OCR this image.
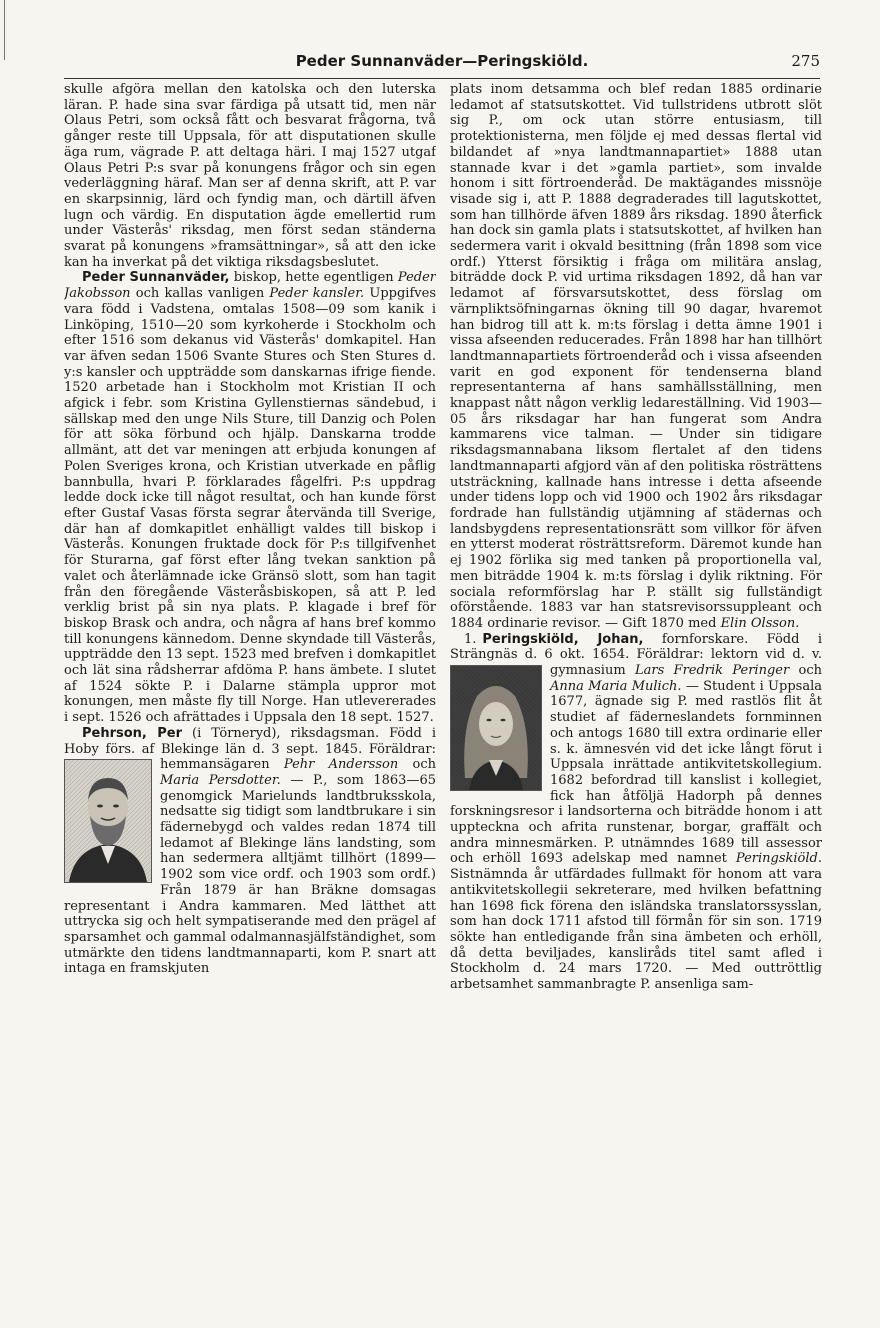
Peder Sunnanväder—Peringskiöld.	275

skulle afgöra mellan den katolska och den luterska läran. P. hade sina svar färdiga på utsatt tid, men när Olaus Petri, som också fått och besvarat frågorna, två gånger reste till Uppsala, för att disputationen skulle äga rum, vägrade P. att deltaga häri. I maj 1527 utgaf Olaus Petri P:s svar på konungens frågor och sin egen vederläggning häraf. Man ser af denna skrift, att P. var en skarpsinnig, lärd och fyndig man, och därtill äfven lugn och värdig. En disputation ägde emellertid rum under Västerås' riksdag, men först sedan ständerna svarat på konungens »framsättningar», så att den icke kan ha inverkat på det viktiga riksdagsbeslutet.

Peder Sunnanväder, biskop, hette egentligen Peder Jakobsson och kallas vanligen Peder kansler. Uppgifves vara född i Vadstena, omtalas 1508—09 som kanik i Linköping, 1510—20 som kyrkoherde i Stockholm och efter 1516 som dekanus vid Västerås' domkapitel. Han var äfven sedan 1506 Svante Stures och Sten Stures d. y:s kansler och uppträdde som danskarnas ifrige fiende. 1520 arbetade han i Stockholm mot Kristian II och afgick i febr. som Kristina Gyllenstiernas sändebud, i sällskap med den unge Nils Sture, till Danzig och Polen för att söka förbund och hjälp. Danskarna trodde allmänt, att det var meningen att erbjuda konungen af Polen Sveriges krona, och Kristian utverkade en påflig bannbulla, hvari P. förklarades fågelfri. P:s uppdrag ledde dock icke till något resultat, och han kunde först efter Gustaf Vasas första segrar återvända till Sverige, där han af domkapitlet enhälligt valdes till biskop i Västerås. Konungen fruktade dock för P:s tillgifvenhet för Sturarna, gaf först efter lång tvekan sanktion på valet och återlämnade icke Gränsö slott, som han tagit från den föregående Västeråsbiskopen, så att P. led verklig brist på sin nya plats. P. klagade i bref för biskop Brask och andra, och några af hans bref kommo till konungens kännedom. Denne skyndade till Västerås, uppträdde den 13 sept. 1523 med brefven i domkapitlet och lät sina rådsherrar afdöma P. hans ämbete. I slutet af 1524 sökte P. i Dalarne stämpla uppror mot konungen, men måste fly till Norge. Han utlevererades i sept. 1526 och afrättades i Uppsala den 18 sept. 1527.

Pehrson, Per (i Törneryd), riksdagsman. Född i Hoby förs. af Blekinge län d. 3 sept. 1845. Föräldrar: hemmansägaren
Pehr Andersson och Maria Persdotter. — P., som 1863—65 genomgick Marielunds landtbruksskola, nedsatte sig tidigt som landtbrukare i sin fädernebygd och valdes redan 1874 till ledamot af Blekinge läns landsting, som han sedermera alltjämt tillhört (1899—1902 som vice ordf. och 1903 som ordf.) Från 1879 är han Bräkne domsagas representant i Andra kammaren. Med lätthet att uttrycka sig och helt sympatiserande med den prägel af sparsamhet och gammal odalmannasjälfständighet, som utmärkte den tidens landtmannaparti, kom P. snart att intaga en framskjuten

plats inom detsamma och blef redan 1885 ordinarie ledamot af statsutskottet. Vid tullstridens utbrott slöt sig P., om ock utan större entusiasm, till protektionisterna, men följde ej med dessas flertal vid bildandet af »nya landtmannapartiet» 1888 utan stannade kvar i det »gamla partiet», som invalde honom i sitt förtroenderåd. De maktägandes missnöje visade sig i, att P. 1888 degraderades till lagutskottet, som han tillhörde äfven 1889 års riksdag. 1890 återfick han dock sin gamla plats i statsutskottet, af hvilken han sedermera varit i okvald besittning (från 1898 som vice ordf.) Ytterst försiktig i fråga om militära anslag, biträdde dock P. vid urtima riksdagen 1892, då han var ledamot af försvarsutskottet, dess förslag om värnpliktsöfningarnas ökning till 90 dagar, hvaremot han bidrog till att k. m:ts förslag i detta ämne 1901 i vissa afseenden reducerades. Från 1898 har han tillhört landtmannapartiets förtroenderåd och i vissa afseenden varit en god exponent för tendenserna bland representanterna af hans samhällsställning, men knappast nått någon verklig ledareställning. Vid 1903—05 års riksdagar har han fungerat som Andra kammarens vice talman. — Under sin tidigare riksdagsmannabana liksom flertalet af den tidens landtmannaparti afgjord vän af den politiska rösträttens utsträckning, kallnade hans intresse i detta afseende under tidens lopp och vid 1900 och 1902 års riksdagar fordrade han fullständig utjämning af städernas och landsbygdens representationsrätt som villkor för äfven en ytterst moderat rösträttsreform. Däremot kunde han ej 1902 förlika sig med tanken på proportionella val, men biträdde 1904 k. m:ts förslag i dylik riktning. För sociala reformförslag har P. ställt sig fullständigt oförstående. 1883 var han statsrevisorssuppleant och 1884 ordinarie revisor. — Gift 1870 med Elin Olsson.

1. Peringskiöld, Johan, fornforskare. Född i Strängnäs d. 6 okt. 1654. Föräldrar: lektorn vid d. v. gymnasium
Lars Fredrik Peringer och Anna Maria Mulich. — Student i Uppsala 1677, ägnade sig P. med rastlös flit åt studiet af fäderneslandets fornminnen och antogs 1680 till extra ordinarie eller s. k. ämnesvén vid det icke långt förut i Uppsala inrättade antikvitetskollegium. 1682 befordrad till kanslist i kollegiet, fick han åtföljä Hadorph på dennes forskningsresor i landsorterna och biträdde honom i att uppteckna och afrita runstenar, borgar, graffält och andra minnesmärken. P. utnämndes 1689 till assessor och erhöll 1693 adelskap med namnet Peringskiöld. Sistnämnda år utfärdades fullmakt för honom att vara antikvitetskollegii sekreterare, med hvilken befattning han 1698 fick förena den isländska translatorssysslan, som han dock 1711 afstod till förmån för sin son. 1719 sökte han entledigande från sina ämbeten och erhöll, då detta beviljades, kansliråds titel samt afled i Stockholm d. 24 mars 1720. — Med outtröttlig arbetsamhet sammanbragte P. ansenliga sam-
